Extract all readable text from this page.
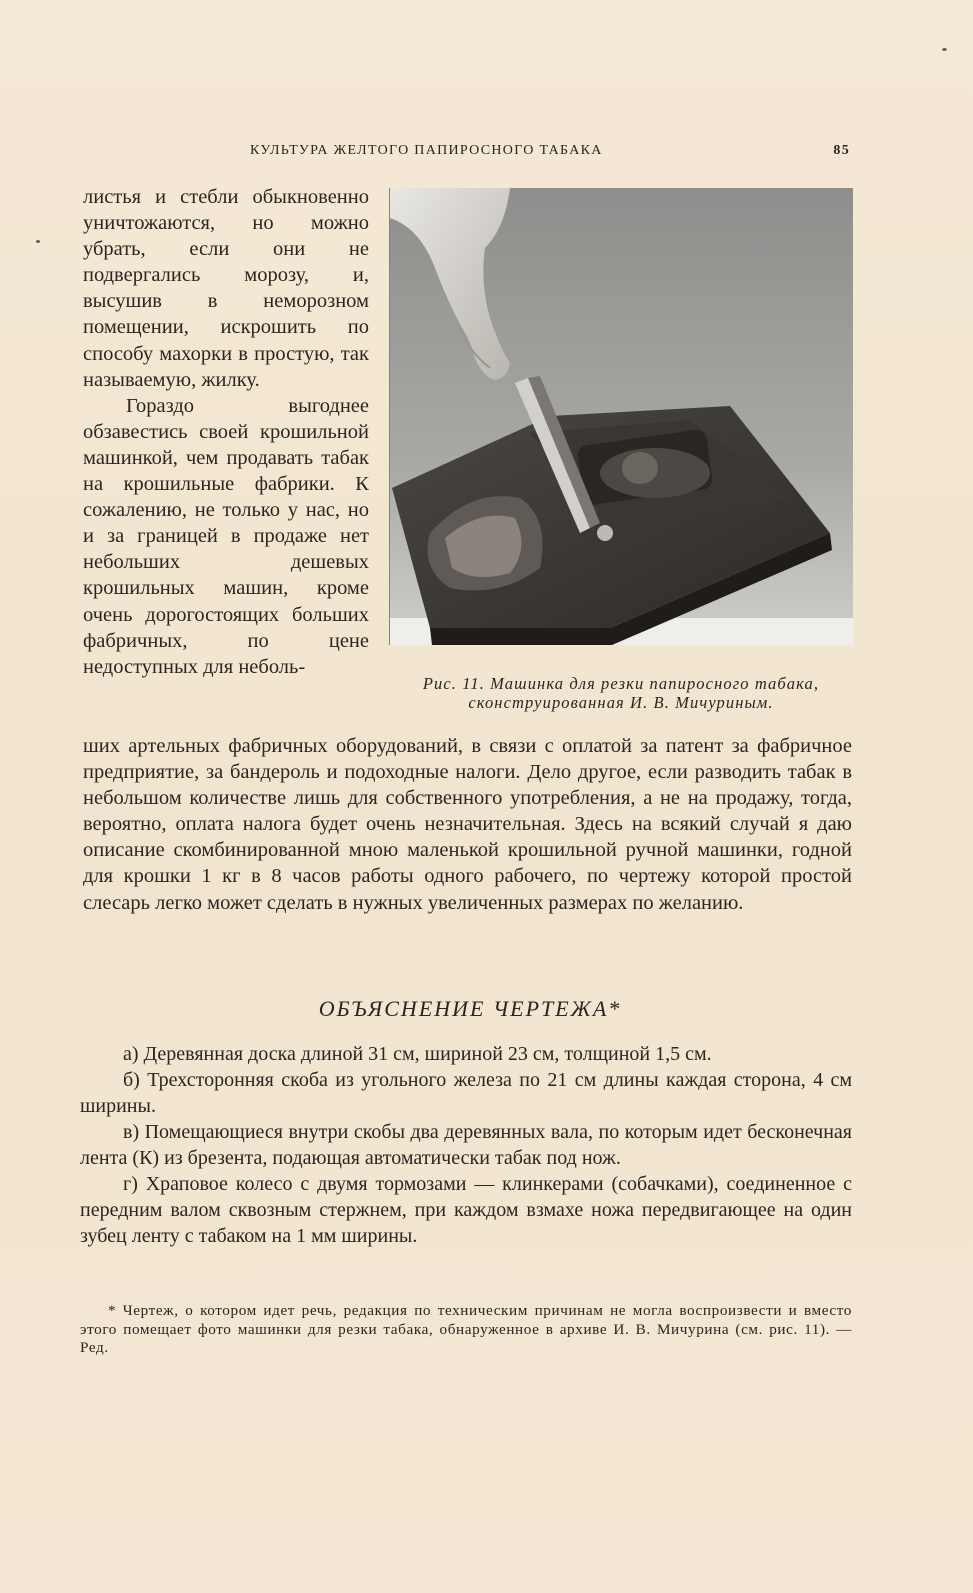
КУЛЬТУРА ЖЕЛТОГО ПАПИРОСНОГО ТАБАКА	85

листья и стебли обыкновенно уничтожаются, но можно убрать, если они не подвергались морозу, и, высушив в неморозном помещении, искрошить по способу махорки в простую, так называемую, жилку.

Гораздо выгоднее обзавестись своей крошильной машинкой, чем продавать табак на крошильные фабрики. К сожалению, не только у нас, но и за границей в продаже нет небольших дешевых крошильных машин, кроме очень дорогостоящих больших фабричных, по цене недоступных для неболь-

Рис. 11. Машинка для резки папиросного табака, сконструированная И. В. Мичуриным.

ших артельных фабричных оборудований, в связи с оплатой за патент за фабричное предприятие, за бандероль и подоходные налоги. Дело другое, если разводить табак в небольшом количестве лишь для собственного употребления, а не на продажу, тогда, вероятно, оплата налога будет очень незначительная. Здесь на всякий случай я даю описание скомбинированной мною маленькой крошильной ручной машинки, годной для крошки 1 кг в 8 часов работы одного рабочего, по чертежу которой простой слесарь легко может сделать в нужных увеличенных размерах по желанию.

ОБЪЯСНЕНИЕ ЧЕРТЕЖА*

а) Деревянная доска длиной 31 см, шириной 23 см, толщиной 1,5 см.

б) Трехсторонняя скоба из угольного железа по 21 см длины каждая сторона, 4 см ширины.

в) Помещающиеся внутри скобы два деревянных вала, по которым идет бесконечная лента (К) из брезента, подающая автоматически табак под нож.

г) Храповое колесо с двумя тормозами — клинкерами (собачками), соединенное с передним валом сквозным стержнем, при каждом взмахе ножа передвигающее на один зубец ленту с табаком на 1 мм ширины.

* Чертеж, о котором идет речь, редакция по техническим причинам не могла воспроизвести и вместо этого помещает фото машинки для резки табака, обнаруженное в архиве И. В. Мичурина (см. рис. 11). — Ред.
